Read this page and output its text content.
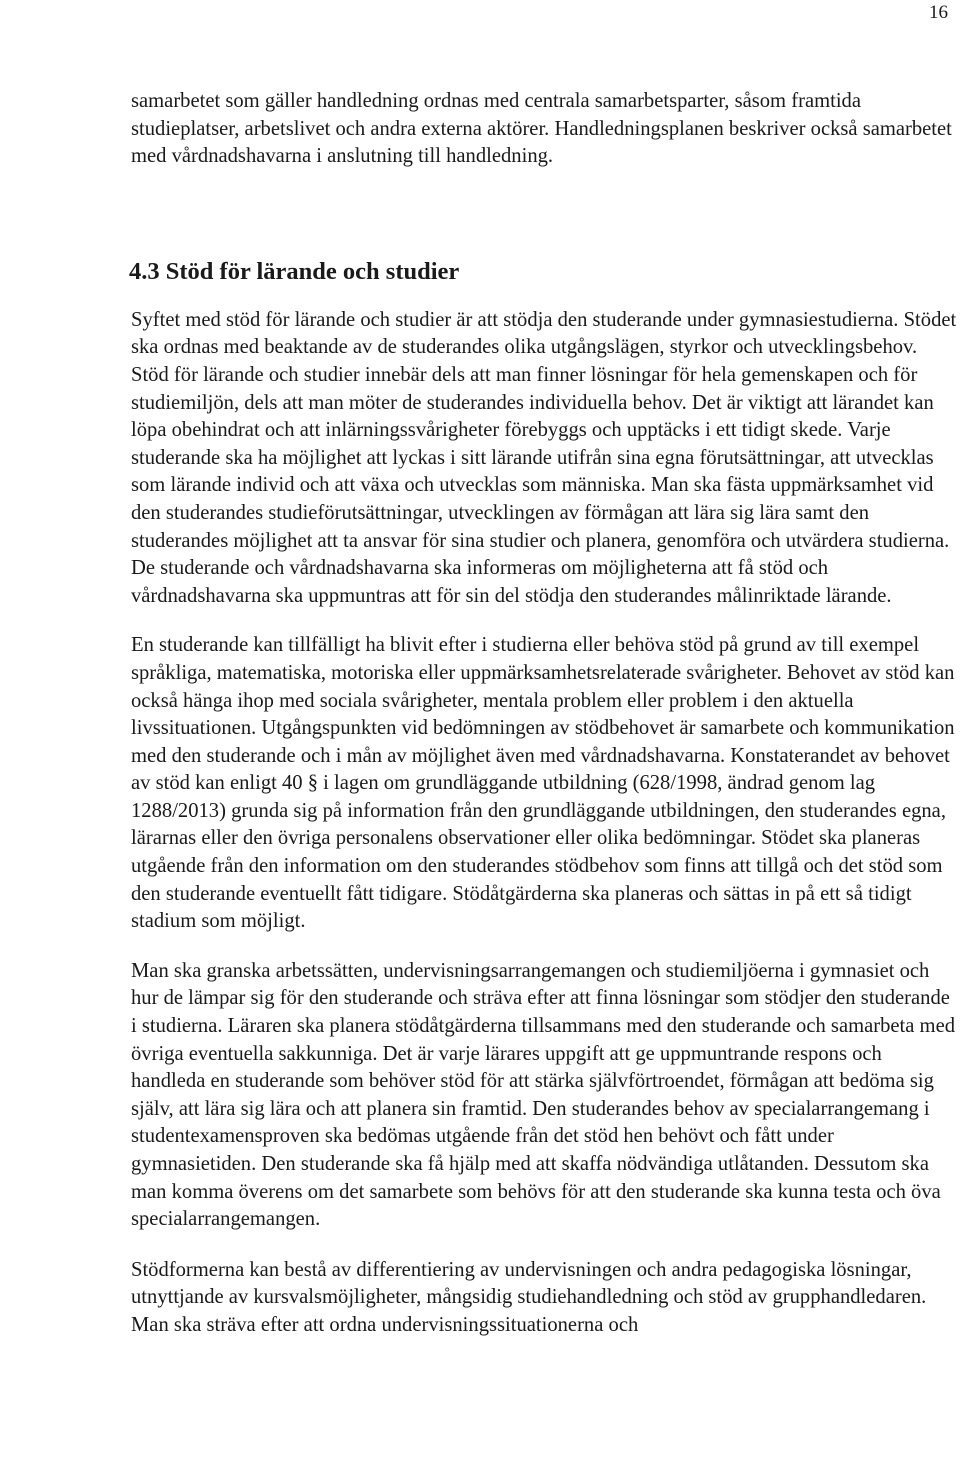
16

samarbetet som gäller handledning ordnas med centrala samarbetsparter, såsom framtida studieplatser, arbetslivet och andra externa aktörer. Handledningsplanen beskriver också samarbetet med vårdnadshavarna i anslutning till handledning.

4.3 Stöd för lärande och studier

Syftet med stöd för lärande och studier är att stödja den studerande under gymnasiestudierna. Stödet ska ordnas med beaktande av de studerandes olika utgångslägen, styrkor och utvecklingsbehov. Stöd för lärande och studier innebär dels att man finner lösningar för hela gemenskapen och för studiemiljön, dels att man möter de studerandes individuella behov. Det är viktigt att lärandet kan löpa obehindrat och att inlärningssvårigheter förebyggs och upptäcks i ett tidigt skede. Varje studerande ska ha möjlighet att lyckas i sitt lärande utifrån sina egna förutsättningar, att utvecklas som lärande individ och att växa och utvecklas som människa. Man ska fästa uppmärksamhet vid den studerandes studieförutsättningar, utvecklingen av förmågan att lära sig lära samt den studerandes möjlighet att ta ansvar för sina studier och planera, genomföra och utvärdera studierna. De studerande och vårdnadshavarna ska informeras om möjligheterna att få stöd och vårdnadshavarna ska uppmuntras att för sin del stödja den studerandes målinriktade lärande.

En studerande kan tillfälligt ha blivit efter i studierna eller behöva stöd på grund av till exempel språkliga, matematiska, motoriska eller uppmärksamhetsrelaterade svårigheter. Behovet av stöd kan också hänga ihop med sociala svårigheter, mentala problem eller problem i den aktuella livssituationen. Utgångspunkten vid bedömningen av stödbehovet är samarbete och kommunikation med den studerande och i mån av möjlighet även med vårdnadshavarna. Konstaterandet av behovet av stöd kan enligt 40 § i lagen om grundläggande utbildning (628/1998, ändrad genom lag 1288/2013) grunda sig på information från den grundläggande utbildningen, den studerandes egna, lärarnas eller den övriga personalens observationer eller olika bedömningar. Stödet ska planeras utgående från den information om den studerandes stödbehov som finns att tillgå och det stöd som den studerande eventuellt fått tidigare. Stödåtgärderna ska planeras och sättas in på ett så tidigt stadium som möjligt.

Man ska granska arbetssätten, undervisningsarrangemangen och studiemiljöerna i gymnasiet och hur de lämpar sig för den studerande och sträva efter att finna lösningar som stödjer den studerande i studierna. Läraren ska planera stödåtgärderna tillsammans med den studerande och samarbeta med övriga eventuella sakkunniga. Det är varje lärares uppgift att ge uppmuntrande respons och handleda en studerande som behöver stöd för att stärka självförtroendet, förmågan att bedöma sig själv, att lära sig lära och att planera sin framtid. Den studerandes behov av specialarrangemang i studentexamensproven ska bedömas utgående från det stöd hen behövt och fått under gymnasietiden. Den studerande ska få hjälp med att skaffa nödvändiga utlåtanden. Dessutom ska man komma överens om det samarbete som behövs för att den studerande ska kunna testa och öva specialarrangemangen.

Stödformerna kan bestå av differentiering av undervisningen och andra pedagogiska lösningar, utnyttjande av kursvalsmöjligheter, mångsidig studiehandledning och stöd av grupphandledaren. Man ska sträva efter att ordna undervisningssituationerna och
